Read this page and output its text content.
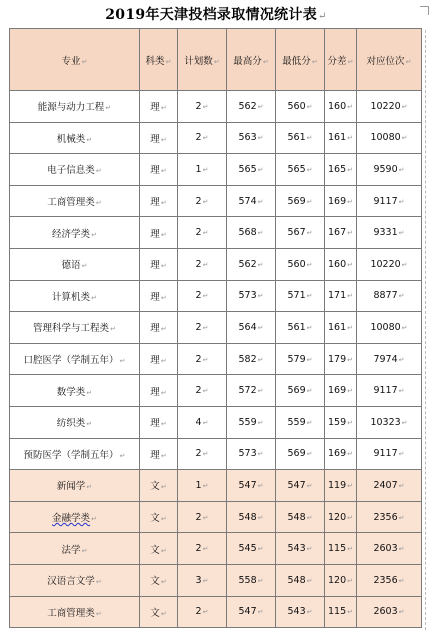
2019年天津投档录取情况统计表↵
专业↵	科类↵	计划数↵	最高分↵	最低分↵	分差↵	对应位次↵
能源与动力工程↵	理↵	2↵	562↵	560↵	160↵	10220↵
机械类↵	理↵	2↵	563↵	561↵	161↵	10080↵
电子信息类↵	理↵	1↵	565↵	565↵	165↵	9590↵
工商管理类↵	理↵	2↵	574↵	569↵	169↵	9117↵
经济学类↵	理↵	2↵	568↵	567↵	167↵	9331↵
德语↵	理↵	2↵	562↵	560↵	160↵	10220↵
计算机类↵	理↵	2↵	573↵	571↵	171↵	8877↵
管理科学与工程类↵	理↵	2↵	564↵	561↵	161↵	10080↵
口腔医学（学制五年）↵	理↵	2↵	582↵	579↵	179↵	7974↵
数学类↵	理↵	2↵	572↵	569↵	169↵	9117↵
纺织类↵	理↵	4↵	559↵	559↵	159↵	10323↵
预防医学（学制五年）↵	理↵	2↵	573↵	569↵	169↵	9117↵
新闻学↵	文↵	1↵	547↵	547↵	119↵	2407↵
金融学类↵	文↵	2↵	548↵	548↵	120↵	2356↵
法学↵	文↵	2↵	545↵	543↵	115↵	2603↵
汉语言文学↵	文↵	3↵	558↵	548↵	120↵	2356↵
工商管理类↵	文↵	2↵	547↵	543↵	115↵	2603↵
